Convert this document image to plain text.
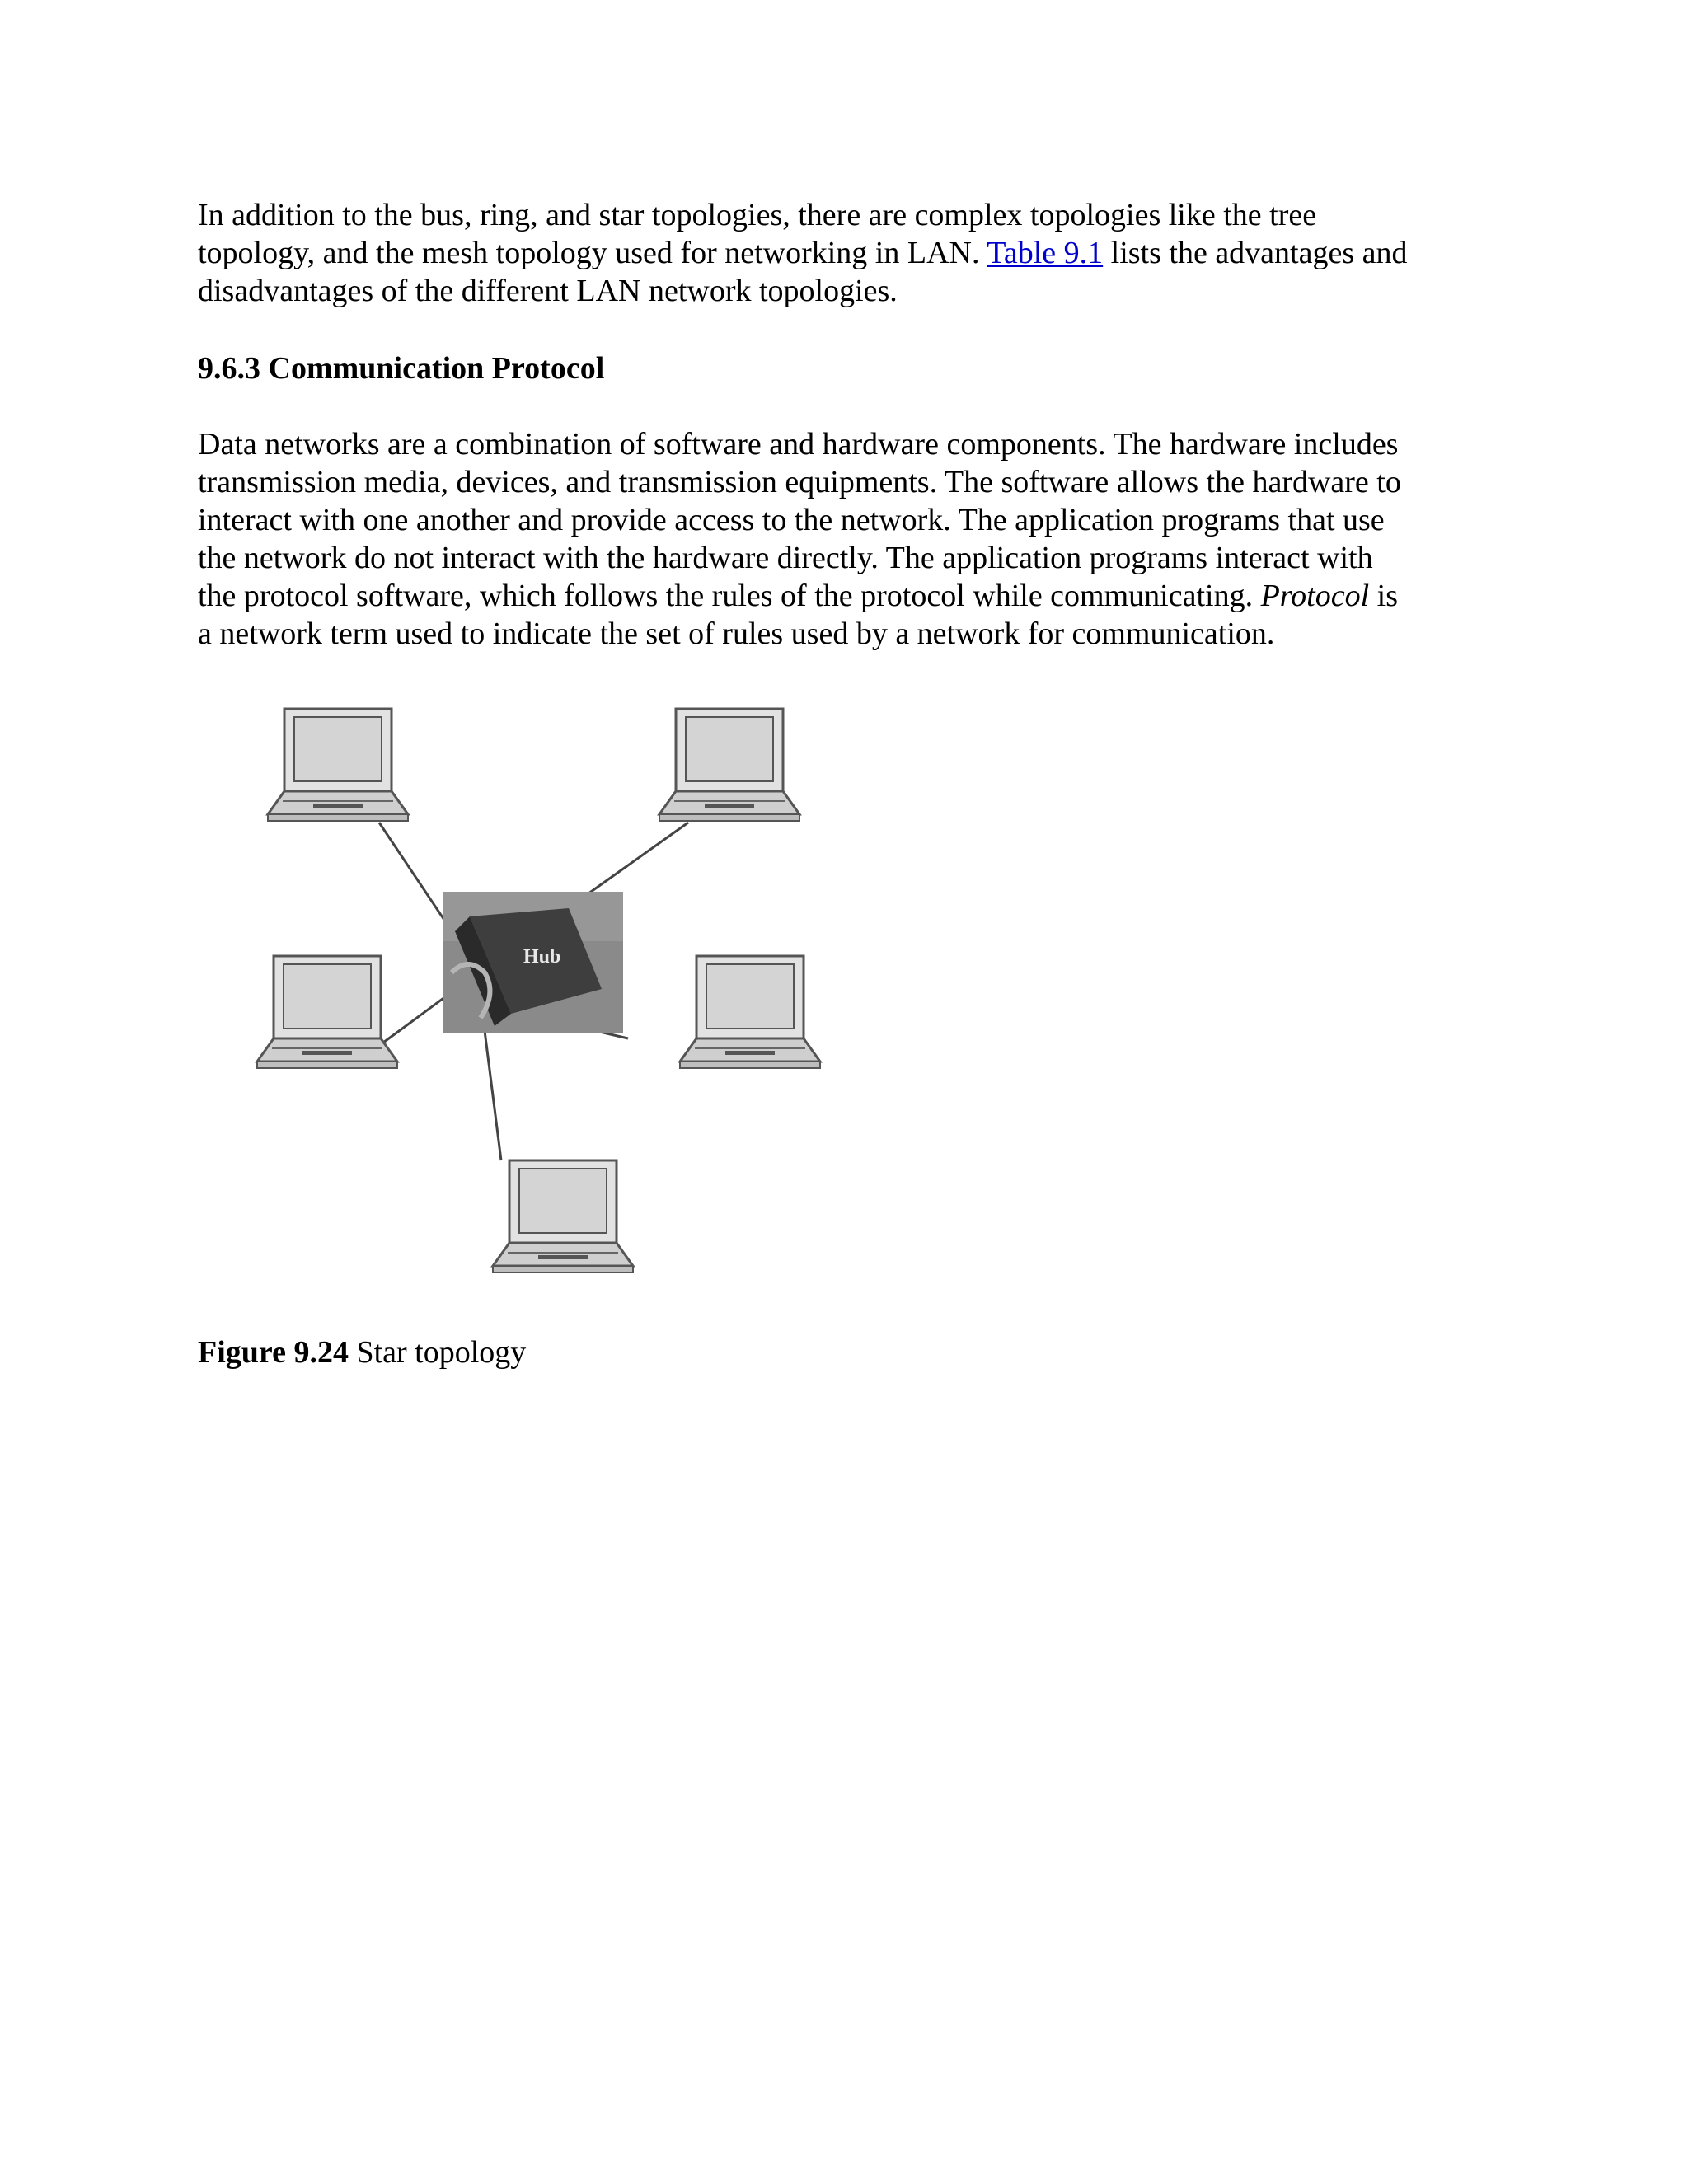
In addition to the bus, ring, and star topologies, there are complex topologies like the tree
topology, and the mesh topology used for networking in LAN. Table 9.1 lists the advantages and
disadvantages of the different LAN network topologies.

9.6.3 Communication Protocol

Data networks are a combination of software and hardware components. The hardware includes
transmission media, devices, and transmission equipments. The software allows the hardware to
interact with one another and provide access to the network. The application programs that use
the network do not interact with the hardware directly. The application programs interact with
the protocol software, which follows the rules of the protocol while communicating. Protocol is
a network term used to indicate the set of rules used by a network for communication.

Hub

Figure 9.24 Star topology
